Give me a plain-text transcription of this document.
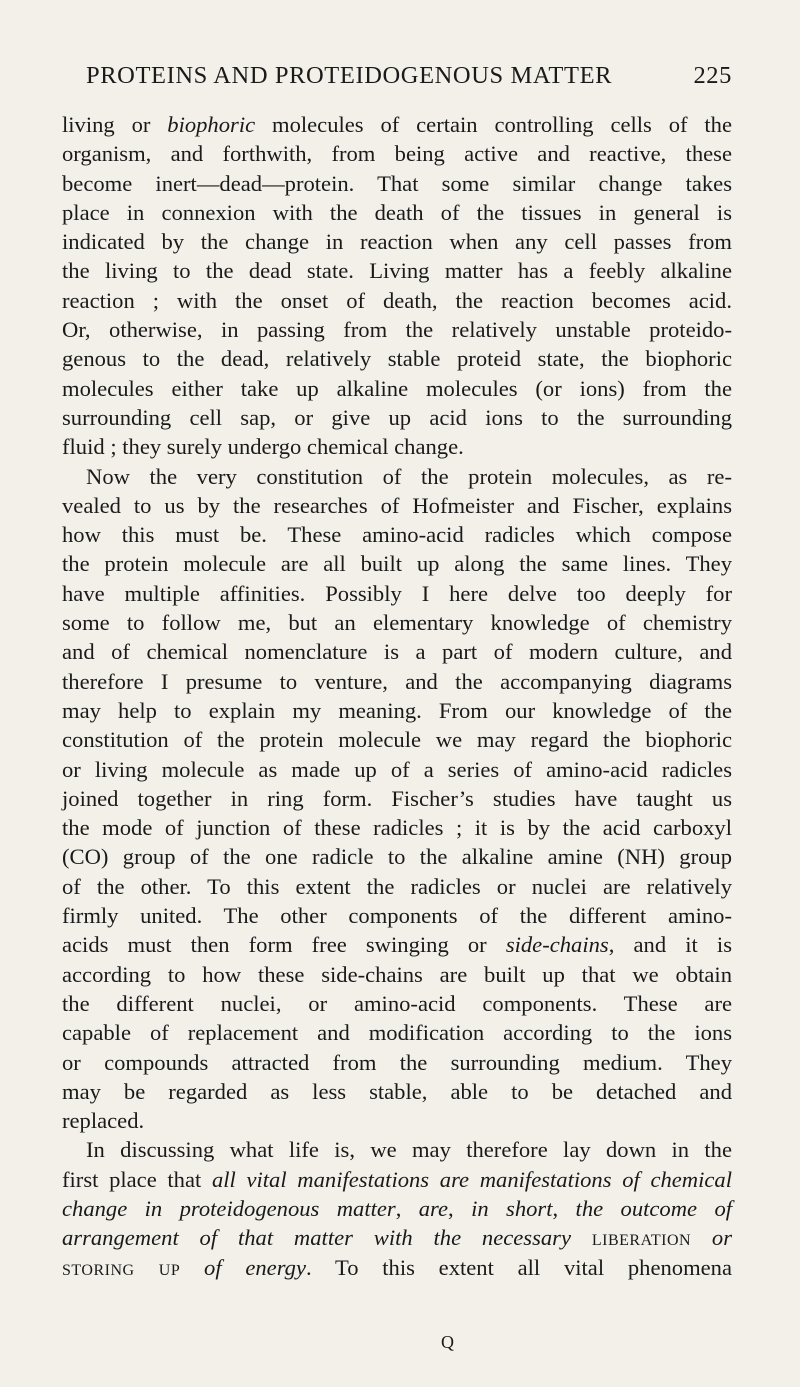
PROTEINS AND PROTEIDOGENOUS MATTER	225
living or biophoric molecules of certain controlling cells of the
organism, and forthwith, from being active and reactive, these
become inert—dead—protein. That some similar change takes
place in connexion with the death of the tissues in general is
indicated by the change in reaction when any cell passes from
the living to the dead state. Living matter has a feebly alkaline
reaction ; with the onset of death, the reaction becomes acid.
Or, otherwise, in passing from the relatively unstable proteido-
genous to the dead, relatively stable proteid state, the biophoric
molecules either take up alkaline molecules (or ions) from the
surrounding cell sap, or give up acid ions to the surrounding
fluid ; they surely undergo chemical change.
Now the very constitution of the protein molecules, as re-
vealed to us by the researches of Hofmeister and Fischer, explains
how this must be. These amino-acid radicles which compose
the protein molecule are all built up along the same lines. They
have multiple affinities. Possibly I here delve too deeply for
some to follow me, but an elementary knowledge of chemistry
and of chemical nomenclature is a part of modern culture, and
therefore I presume to venture, and the accompanying diagrams
may help to explain my meaning. From our knowledge of the
constitution of the protein molecule we may regard the biophoric
or living molecule as made up of a series of amino-acid radicles
joined together in ring form. Fischer’s studies have taught us
the mode of junction of these radicles ; it is by the acid carboxyl
(CO) group of the one radicle to the alkaline amine (NH) group
of the other. To this extent the radicles or nuclei are relatively
firmly united. The other components of the different amino-
acids must then form free swinging or side-chains, and it is
according to how these side-chains are built up that we obtain
the different nuclei, or amino-acid components. These are
capable of replacement and modification according to the ions
or compounds attracted from the surrounding medium. They
may be regarded as less stable, able to be detached and
replaced.
In discussing what life is, we may therefore lay down in the
first place that all vital manifestations are manifestations of chemical
change in proteidogenous matter, are, in short, the outcome of
arrangement of that matter with the necessary liberation or
storing up of energy. To this extent all vital phenomena
Q
